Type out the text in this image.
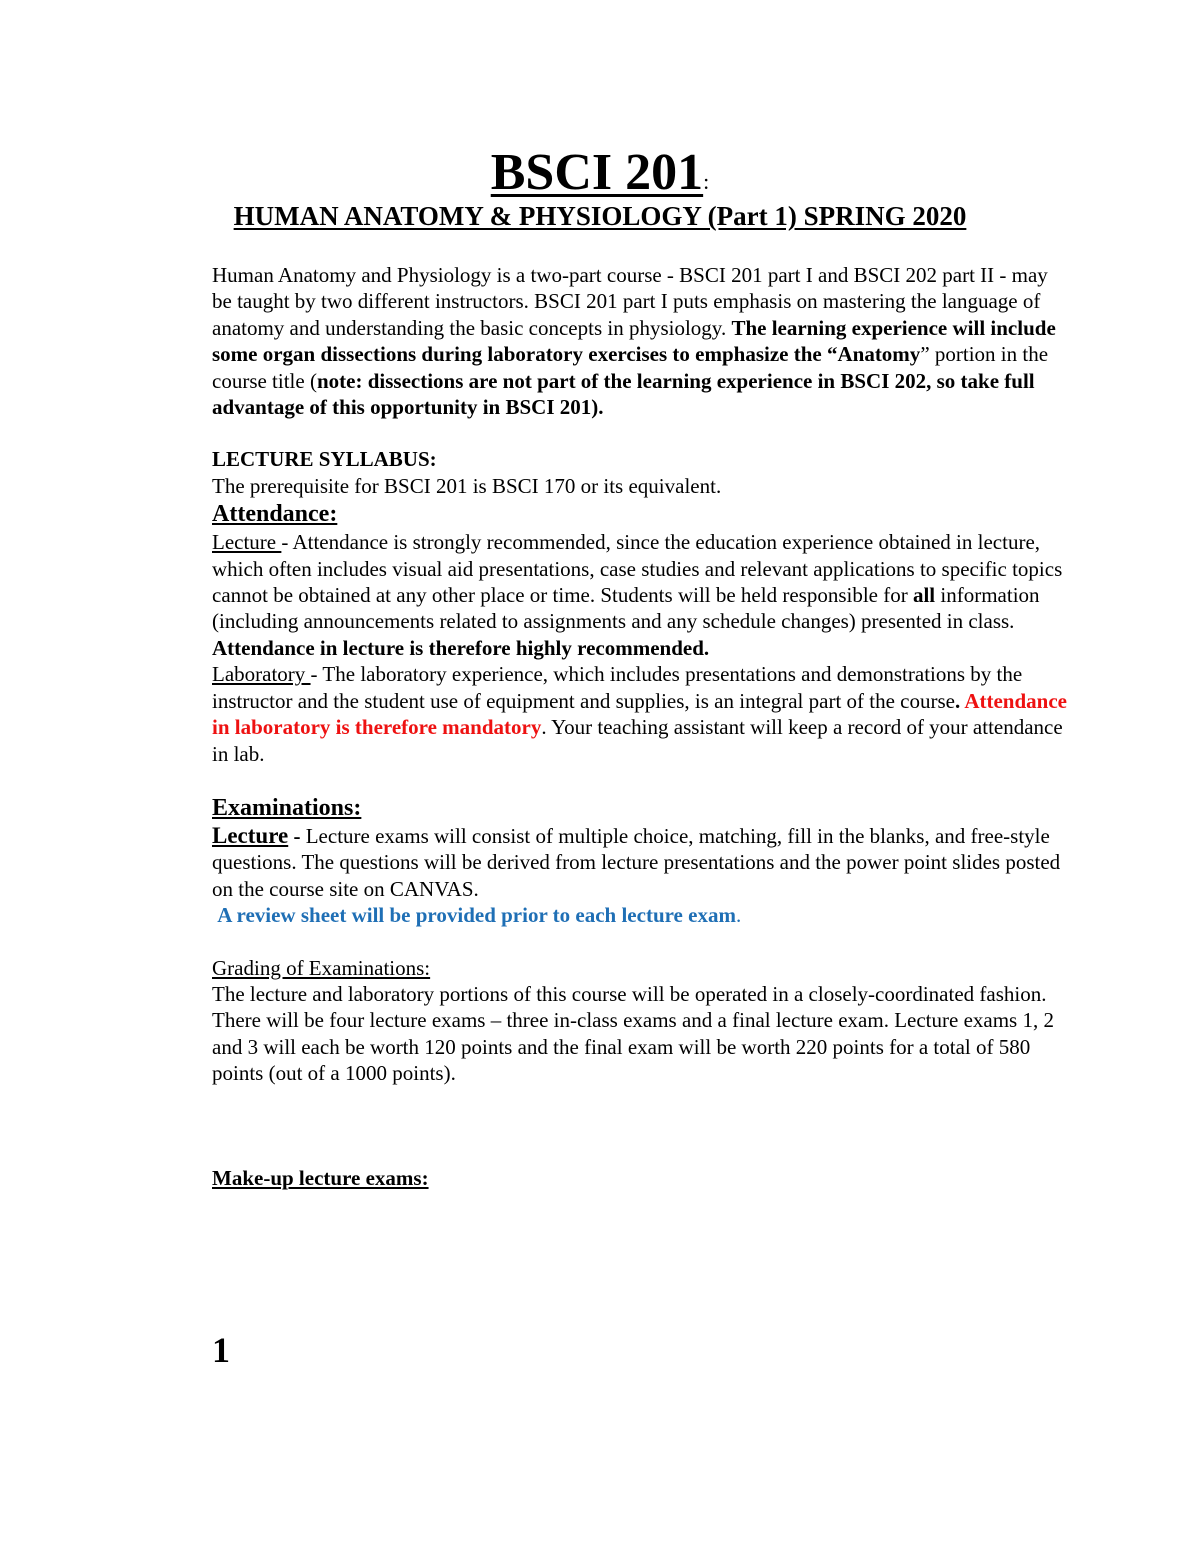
BSCI 201:
HUMAN ANATOMY & PHYSIOLOGY (Part 1) SPRING 2020

Human Anatomy and Physiology is a two-part course - BSCI 201 part I and BSCI 202 part II - may be taught by two different instructors. BSCI 201 part I puts emphasis on mastering the language of anatomy and understanding the basic concepts in physiology. The learning experience will include some organ dissections during laboratory exercises to emphasize the “Anatomy” portion in the course title (note: dissections are not part of the learning experience in BSCI 202, so take full advantage of this opportunity in BSCI 201).

LECTURE SYLLABUS:

The prerequisite for BSCI 201 is BSCI 170 or its equivalent.

Attendance:

Lecture - Attendance is strongly recommended, since the education experience obtained in lecture, which often includes visual aid presentations, case studies and relevant applications to specific topics cannot be obtained at any other place or time. Students will be held responsible for all information (including announcements related to assignments and any schedule changes) presented in class. Attendance in lecture is therefore highly recommended.

Laboratory - The laboratory experience, which includes presentations and demonstrations by the instructor and the student use of equipment and supplies, is an integral part of the course. Attendance in laboratory is therefore mandatory. Your teaching assistant will keep a record of your attendance in lab.

Examinations:

Lecture - Lecture exams will consist of multiple choice, matching, fill in the blanks, and free-style questions. The questions will be derived from lecture presentations and the power point slides posted on the course site on CANVAS.

A review sheet will be provided prior to each lecture exam.

Grading of Examinations:

The lecture and laboratory portions of this course will be operated in a closely-coordinated fashion. There will be four lecture exams – three in-class exams and a final lecture exam. Lecture exams 1, 2 and 3 will each be worth 120 points and the final exam will be worth 220 points for a total of 580 points (out of a 1000 points).

Make-up lecture exams:

1
